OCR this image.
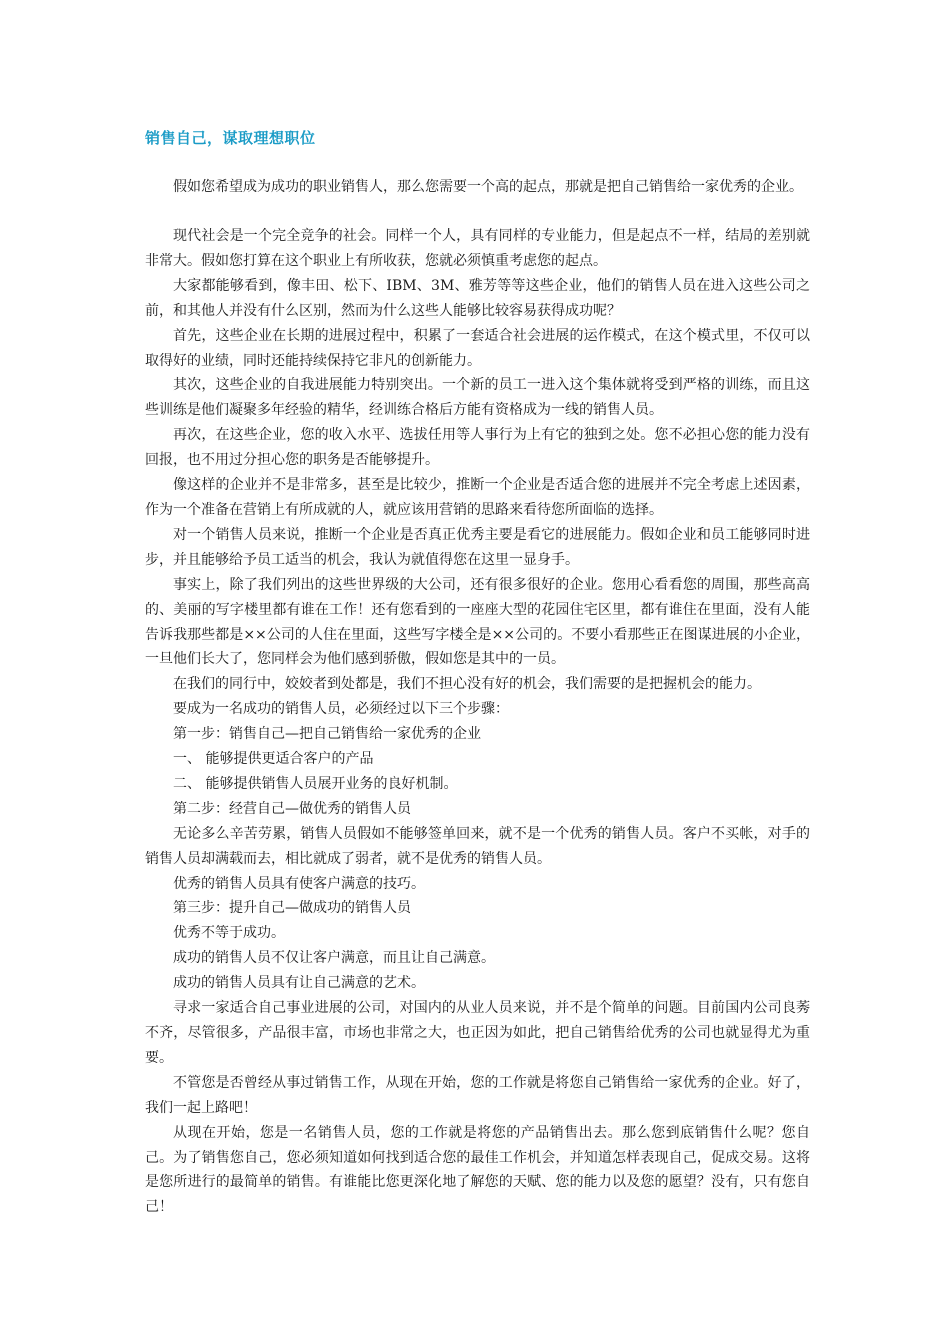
销售自己，谋取理想职位

假如您希望成为成功的职业销售人，那么您需要一个高的起点，那就是把自己销售给一家优秀的企业。

现代社会是一个完全竞争的社会。同样一个人，具有同样的专业能力，但是起点不一样，结局的差别就非常大。假如您打算在这个职业上有所收获，您就必须慎重考虑您的起点。

大家都能够看到，像丰田、松下、IBM、3M、雅芳等等这些企业，他们的销售人员在进入这些公司之前，和其他人并没有什么区别，然而为什么这些人能够比较容易获得成功呢？

首先，这些企业在长期的进展过程中，积累了一套适合社会进展的运作模式，在这个模式里，不仅可以取得好的业绩，同时还能持续保持它非凡的创新能力。

其次，这些企业的自我进展能力特别突出。一个新的员工一进入这个集体就将受到严格的训练，而且这些训练是他们凝聚多年经验的精华，经训练合格后方能有资格成为一线的销售人员。

再次，在这些企业，您的收入水平、选拔任用等人事行为上有它的独到之处。您不必担心您的能力没有回报，也不用过分担心您的职务是否能够提升。

像这样的企业并不是非常多，甚至是比较少，推断一个企业是否适合您的进展并不完全考虑上述因素，作为一个准备在营销上有所成就的人，就应该用营销的思路来看待您所面临的选择。

对一个销售人员来说，推断一个企业是否真正优秀主要是看它的进展能力。假如企业和员工能够同时进步，并且能够给予员工适当的机会，我认为就值得您在这里一显身手。

事实上，除了我们列出的这些世界级的大公司，还有很多很好的企业。您用心看看您的周围，那些高高的、美丽的写字楼里都有谁在工作！还有您看到的一座座大型的花园住宅区里，都有谁住在里面，没有人能告诉我那些都是××公司的人住在里面，这些写字楼全是××公司的。不要小看那些正在图谋进展的小企业，一旦他们长大了，您同样会为他们感到骄傲，假如您是其中的一员。

在我们的同行中，姣姣者到处都是，我们不担心没有好的机会，我们需要的是把握机会的能力。

要成为一名成功的销售人员，必须经过以下三个步骤：

第一步：销售自己—把自己销售给一家优秀的企业

一、 能够提供更适合客户的产品

二、 能够提供销售人员展开业务的良好机制。

第二步：经营自己—做优秀的销售人员

无论多么辛苦劳累，销售人员假如不能够签单回来，就不是一个优秀的销售人员。客户不买帐，对手的销售人员却满载而去，相比就成了弱者，就不是优秀的销售人员。

优秀的销售人员具有使客户满意的技巧。

第三步：提升自己—做成功的销售人员

优秀不等于成功。

成功的销售人员不仅让客户满意，而且让自己满意。

成功的销售人员具有让自己满意的艺术。

寻求一家适合自己事业进展的公司，对国内的从业人员来说，并不是个简单的问题。目前国内公司良莠不齐，尽管很多，产品很丰富，市场也非常之大，也正因为如此，把自己销售给优秀的公司也就显得尤为重要。

不管您是否曾经从事过销售工作，从现在开始，您的工作就是将您自己销售给一家优秀的企业。好了，我们一起上路吧！

从现在开始，您是一名销售人员，您的工作就是将您的产品销售出去。那么您到底销售什么呢？您自己。为了销售您自己，您必须知道如何找到适合您的最佳工作机会，并知道怎样表现自己，促成交易。这将是您所进行的最简单的销售。有谁能比您更深化地了解您的天赋、您的能力以及您的愿望？没有，只有您自己！
